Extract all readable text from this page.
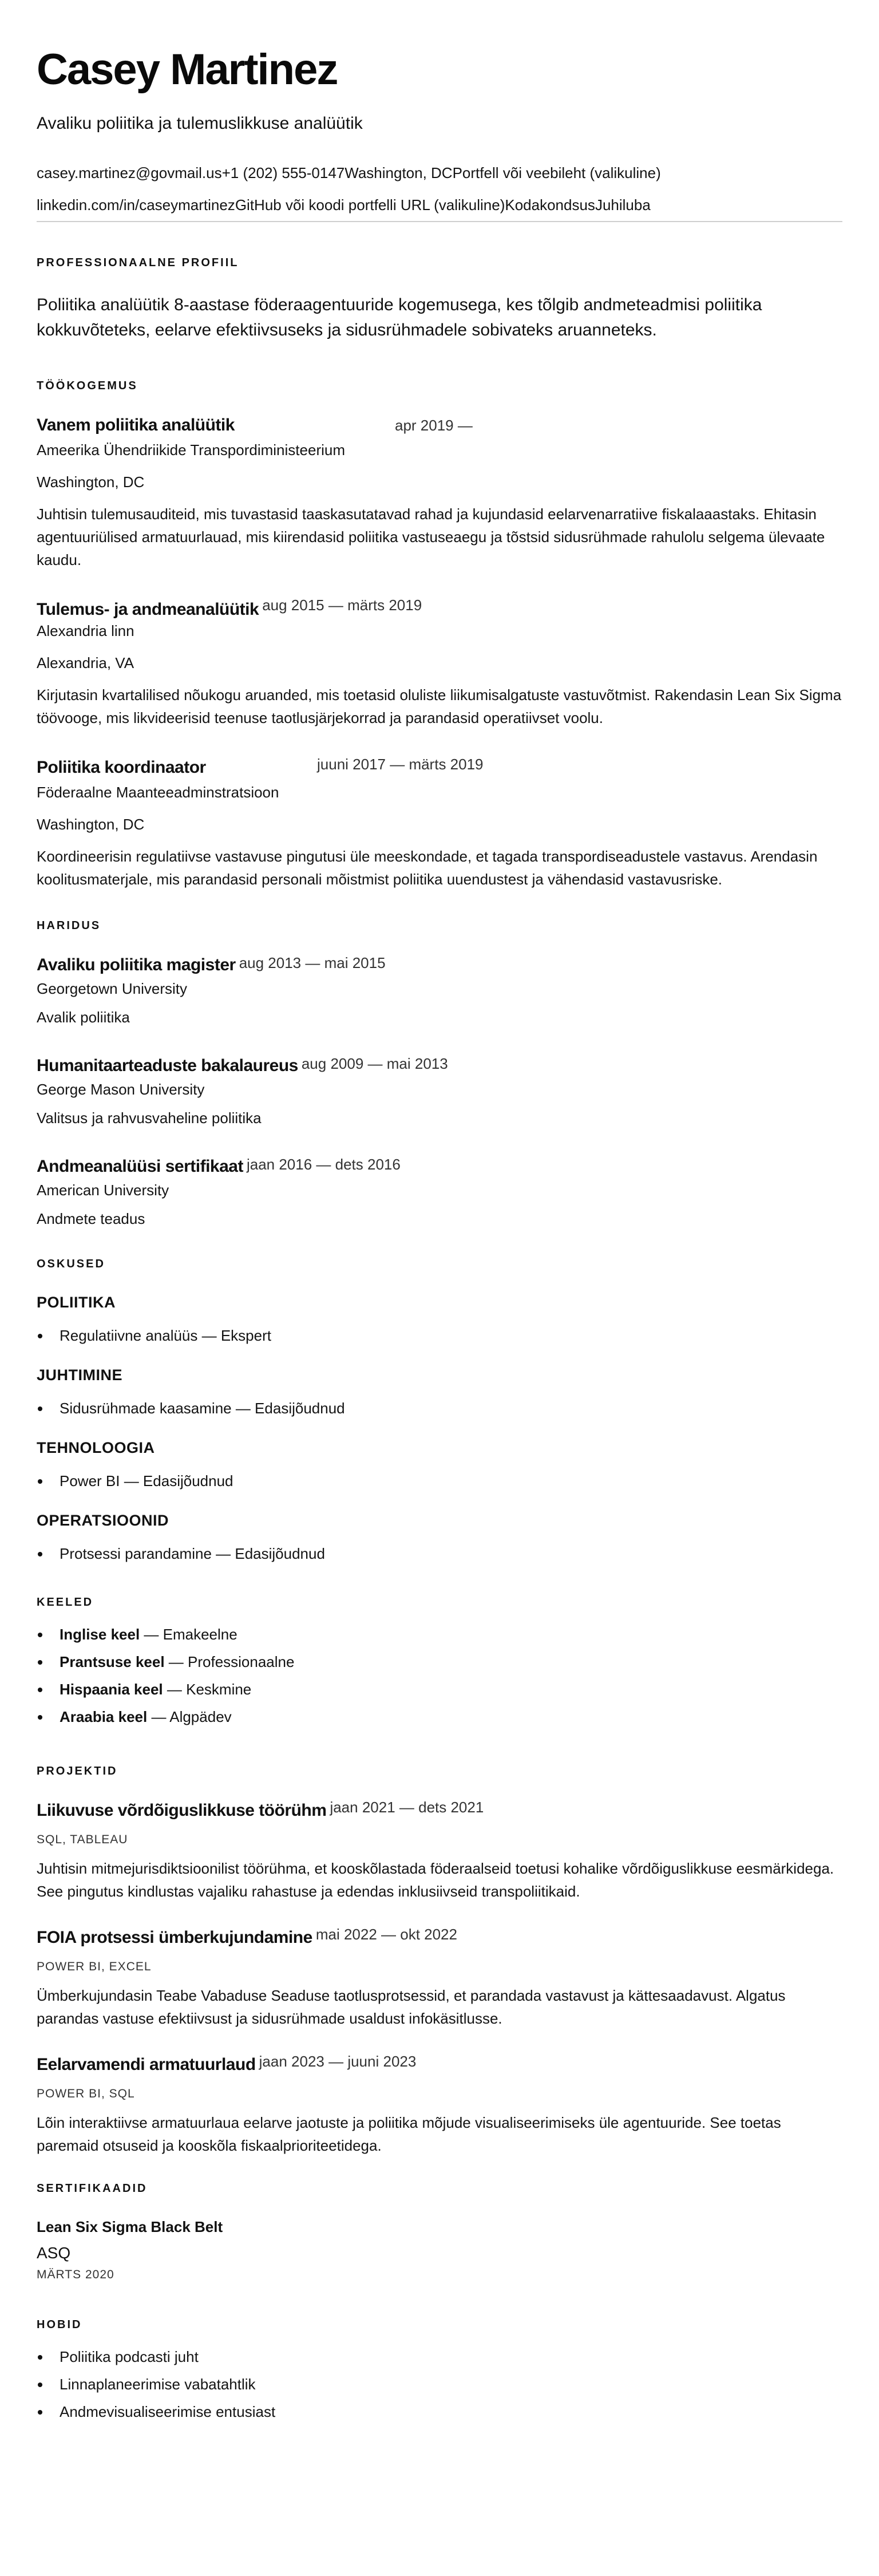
Casey Martinez
Avaliku poliitika ja tulemuslikkuse analüütik
casey.martinez@govmail.us +1 (202) 555-0147 Washington, DC Portfell või veebileht (valikuline)
linkedin.com/in/caseymartinez GitHub või koodi portfelli URL (valikuline) Kodakondsus Juhiluba
PROFESSIONAALNE PROFIIL

Poliitika analüütik 8-aastase föderaagentuuride kogemusega, kes tõlgib andmeteadmisi poliitika kokkuvõteteks, eelarve efektiivsuseks ja sidusrühmadele sobivateks aruanneteks.

TÖÖKOGEMUS
Vanem poliitika analüütik	apr 2019 —
Ameerika Ühendriikide Transpordiministeerium
Washington, DC

Juhtisin tulemusauditeid, mis tuvastasid taaskasutatavad rahad ja kujundasid eelarvenarratiive fiskalaaastaks. Ehitasin agentuuriülised armatuurlauad, mis kiirendasid poliitika vastuseaegu ja tõstsid sidusrühmade rahulolu selgema ülevaate kaudu.

Tulemus- ja andmeanalüütik aug 2015 — märts 2019
Alexandria linn
Alexandria, VA

Kirjutasin kvartalilised nõukogu aruanded, mis toetasid oluliste liikumisalgatuste vastuvõtmist. Rakendasin Lean Six Sigma töövooge, mis likvideerisid teenuse taotlusjärjekorrad ja parandasid operatiivset voolu.

Poliitika koordinaator	juuni 2017 — märts 2019
Föderaalne Maanteeadminstratsioon
Washington, DC

Koordineerisin regulatiivse vastavuse pingutusi üle meeskondade, et tagada transpordiseadustele vastavus. Arendasin koolitusmaterjale, mis parandasid personali mõistmist poliitika uuendustest ja vähendasid vastavusriske.

HARIDUS
Avaliku poliitika magister aug 2013 — mai 2015
Georgetown University
Avalik poliitika
Humanitaarteaduste bakalaureus aug 2009 — mai 2013
George Mason University
Valitsus ja rahvusvaheline poliitika
Andmeanalüüsi sertifikaat jaan 2016 — dets 2016
American University
Andmete teadus
OSKUSED
POLIITIKA
Regulatiivne analüüs — Ekspert
JUHTIMINE
Sidusrühmade kaasamine — Edasijõudnud
TEHNOLOOGIA
Power BI — Edasijõudnud
OPERATSIOONID
Protsessi parandamine — Edasijõudnud
KEELED
Inglise keel — Emakeelne
Prantsuse keel — Professionaalne
Hispaania keel — Keskmine
Araabia keel — Algpädev
PROJEKTID
Liikuvuse võrdõiguslikkuse töörühm jaan 2021 — dets 2021
SQL, TABLEAU

Juhtisin mitmejurisdiktsioonilist töörühma, et kooskõlastada föderaalseid toetusi kohalike võrdõiguslikkuse eesmärkidega. See pingutus kindlustas vajaliku rahastuse ja edendas inklusiivseid transpoliitikaid.

FOIA protsessi ümberkujundamine mai 2022 — okt 2022
POWER BI, EXCEL

Ümberkujundasin Teabe Vabaduse Seaduse taotlusprotsessid, et parandada vastavust ja kättesaadavust. Algatus parandas vastuse efektiivsust ja sidusrühmade usaldust infokäsitlusse.

Eelarvamendi armatuurlaud jaan 2023 — juuni 2023
POWER BI, SQL

Lõin interaktiivse armatuurlaua eelarve jaotuste ja poliitika mõjude visualiseerimiseks üle agentuuride. See toetas paremaid otsuseid ja kooskõla fiskaalprioriteetidega.

SERTIFIKAADID
Lean Six Sigma Black Belt
ASQ
MÄRTS 2020
HOBID
Poliitika podcasti juht
Linnaplaneerimise vabatahtlik
Andmevisualiseerimise entusiast
